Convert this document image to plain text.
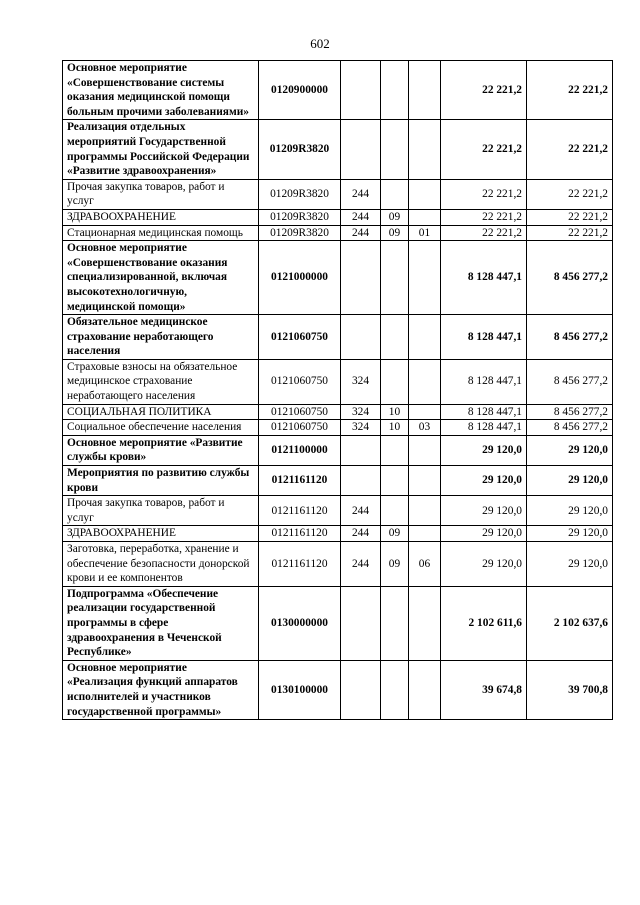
602
Основное мероприятие «Совершенствование системы оказания медицинской помощи больным прочими заболеваниями»	0120900000				22 221,2	22 221,2
Реализация отдельных мероприятий Государственной программы Российской Федерации «Развитие здравоохранения»	01209R3820				22 221,2	22 221,2
Прочая закупка товаров, работ и услуг	01209R3820	244			22 221,2	22 221,2
ЗДРАВООХРАНЕНИЕ	01209R3820	244	09		22 221,2	22 221,2
Стационарная медицинская помощь	01209R3820	244	09	01	22 221,2	22 221,2
Основное мероприятие «Совершенствование оказания специализированной, включая высокотехнологичную, медицинской помощи»	0121000000				8 128 447,1	8 456 277,2
Обязательное медицинское страхование неработающего населения	0121060750				8 128 447,1	8 456 277,2
Страховые взносы на обязательное медицинское страхование неработающего населения	0121060750	324			8 128 447,1	8 456 277,2
СОЦИАЛЬНАЯ ПОЛИТИКА	0121060750	324	10		8 128 447,1	8 456 277,2
Социальное обеспечение населения	0121060750	324	10	03	8 128 447,1	8 456 277,2
Основное мероприятие «Развитие службы крови»	0121100000				29 120,0	29 120,0
Мероприятия по развитию службы крови	0121161120				29 120,0	29 120,0
Прочая закупка товаров, работ и услуг	0121161120	244			29 120,0	29 120,0
ЗДРАВООХРАНЕНИЕ	0121161120	244	09		29 120,0	29 120,0
Заготовка, переработка, хранение и обеспечение безопасности донорской крови и ее компонентов	0121161120	244	09	06	29 120,0	29 120,0
Подпрограмма «Обеспечение реализации государственной программы в сфере здравоохранения в Чеченской Республике»	0130000000				2 102 611,6	2 102 637,6
Основное мероприятие «Реализация функций аппаратов исполнителей и участников государственной программы»	0130100000				39 674,8	39 700,8
